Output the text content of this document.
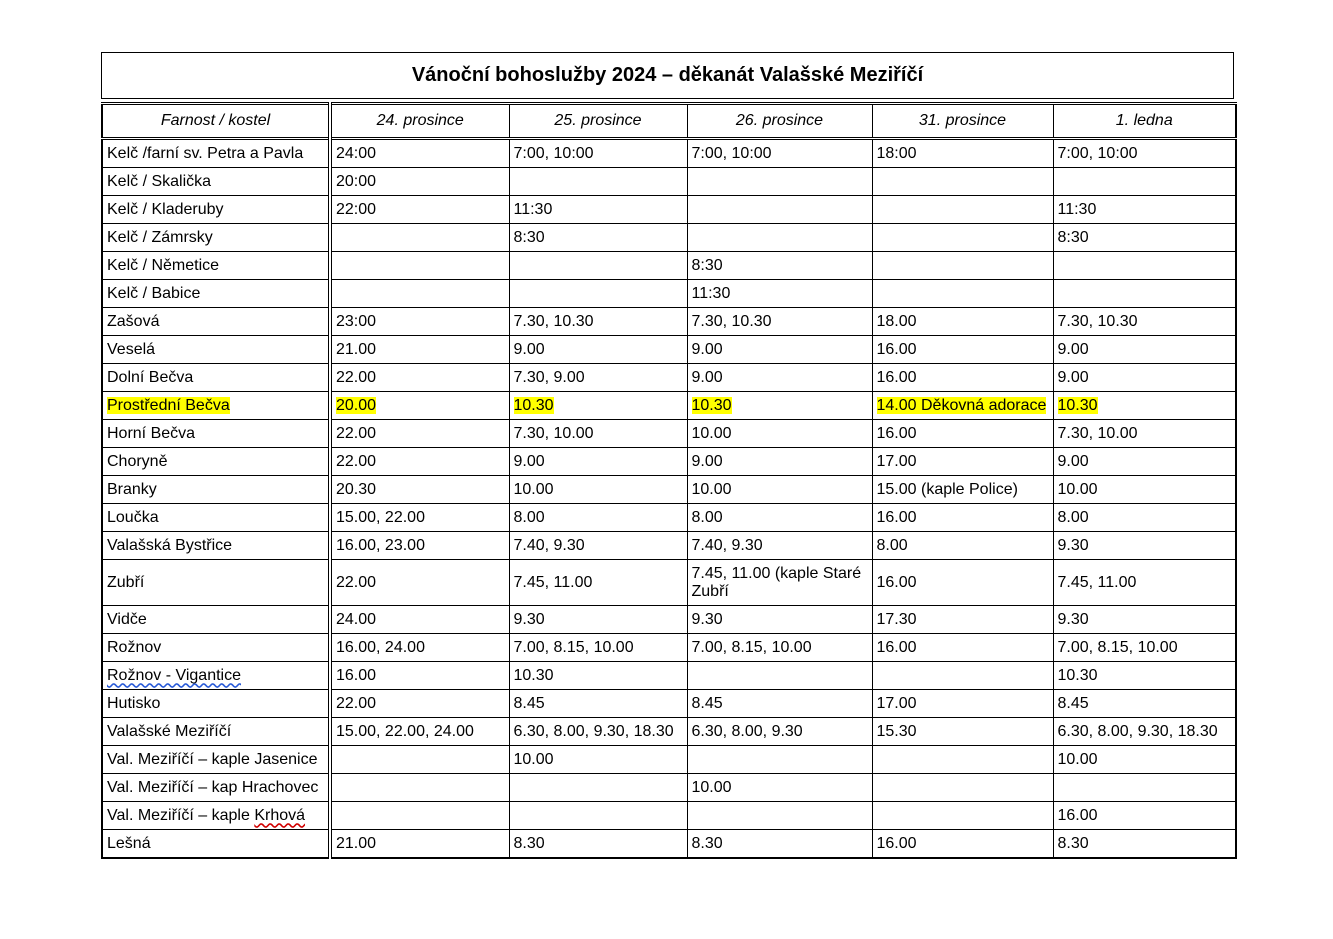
Vánoční bohoslužby 2024 – děkanát Valašské Meziříčí
Farnost / kostel	24. prosince	25. prosince	26. prosince	31. prosince	1. ledna
Kelč /farní sv. Petra a Pavla	24:00	7:00, 10:00	7:00, 10:00	18:00	7:00, 10:00
Kelč / Skalička	20:00				
Kelč / Kladeruby	22:00	11:30			11:30
Kelč / Zámrsky		8:30			8:30
Kelč / Němetice			8:30		
Kelč / Babice			11:30		
Zašová	23:00	7.30, 10.30	7.30, 10.30	18.00	7.30, 10.30
Veselá	21.00	9.00	9.00	16.00	9.00
Dolní Bečva	22.00	7.30, 9.00	9.00	16.00	9.00
Prostřední Bečva	20.00	10.30	10.30	14.00 Děkovná adorace	10.30
Horní Bečva	22.00	7.30, 10.00	10.00	16.00	7.30, 10.00
Choryně	22.00	9.00	9.00	17.00	9.00
Branky	20.30	10.00	10.00	15.00 (kaple Police)	10.00
Loučka	15.00, 22.00	8.00	8.00	16.00	8.00
Valašská Bystřice	16.00, 23.00	7.40, 9.30	7.40, 9.30	8.00	9.30
Zubří	22.00	7.45, 11.00	7.45, 11.00 (kaple Staré Zubří	16.00	7.45, 11.00
Vidče	24.00	9.30	9.30	17.30	9.30
Rožnov	16.00, 24.00	7.00, 8.15, 10.00	7.00, 8.15, 10.00	16.00	7.00, 8.15, 10.00
Rožnov - Vigantice	16.00	10.30			10.30
Hutisko	22.00	8.45	8.45	17.00	8.45
Valašské Meziříčí	15.00, 22.00, 24.00	6.30, 8.00, 9.30, 18.30	6.30, 8.00, 9.30	15.30	6.30, 8.00, 9.30, 18.30
Val. Meziříčí – kaple Jasenice		10.00			10.00
Val. Meziříčí – kap Hrachovec			10.00		
Val. Meziříčí – kaple Krhová					16.00
Lešná	21.00	8.30	8.30	16.00	8.30
